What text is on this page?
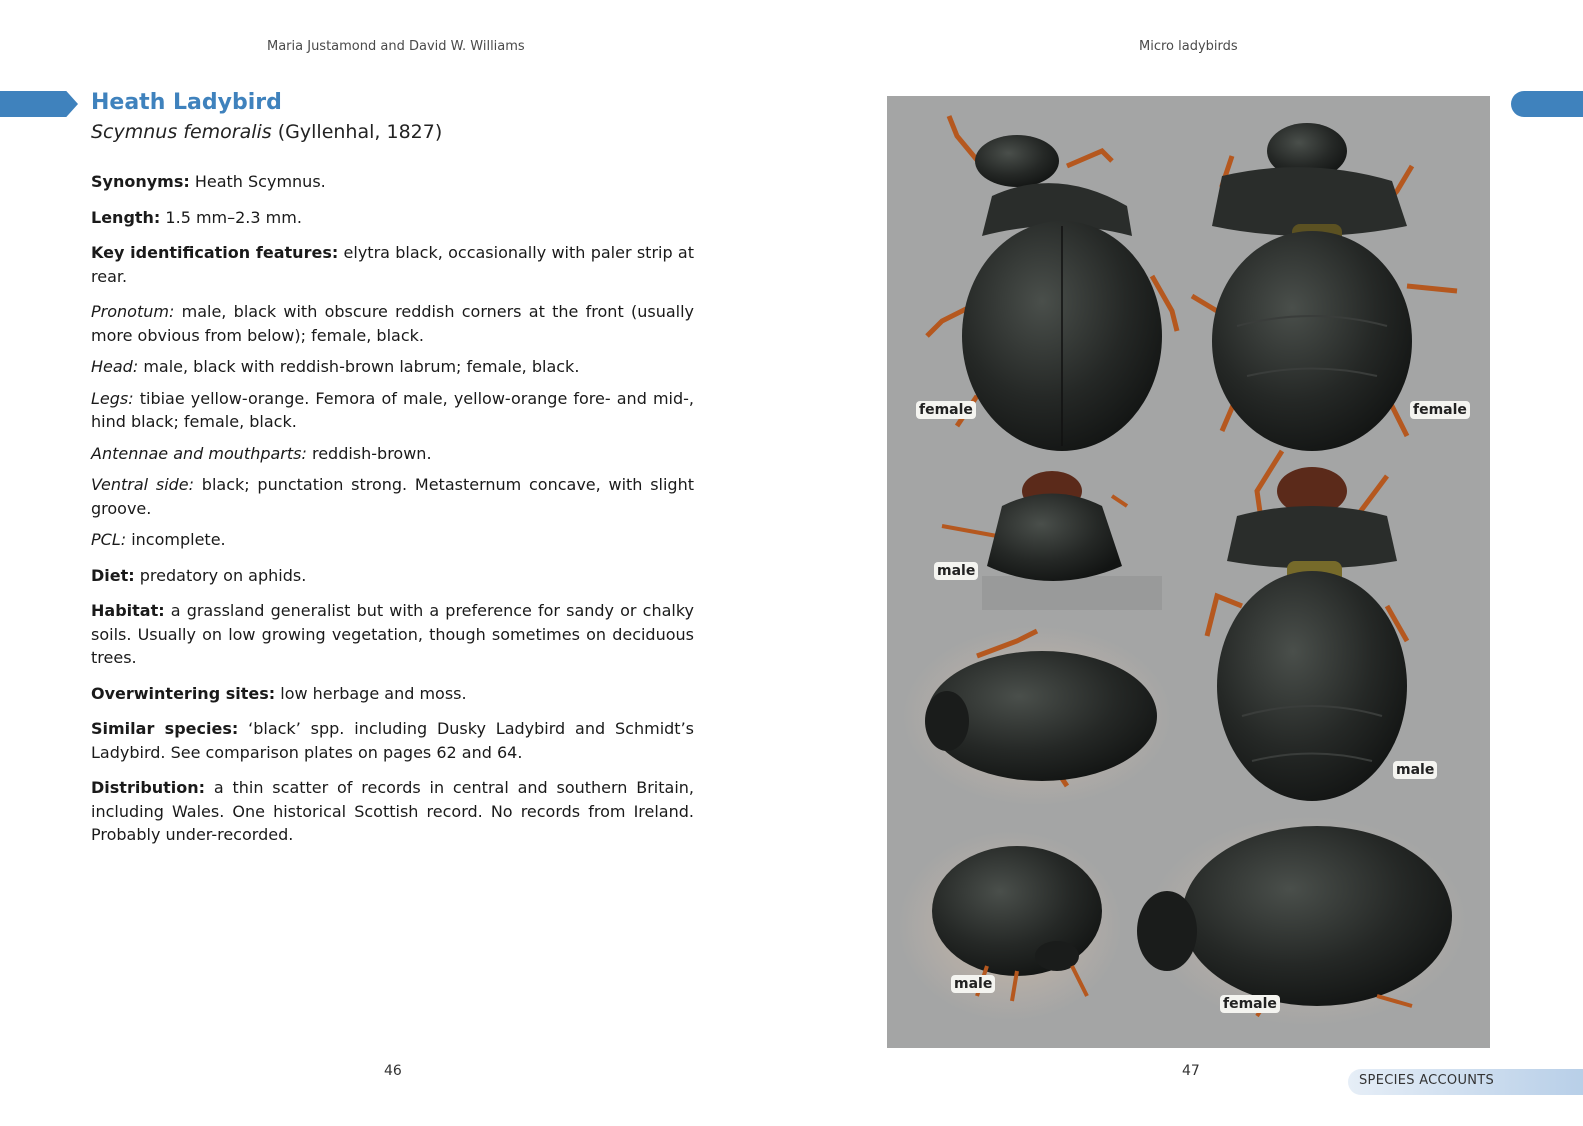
Maria Justamond and David W. Williams	Micro ladybirds
Heath Ladybird
Scymnus femoralis (Gyllenhal, 1827)

Synonyms: Heath Scymnus.

Length: 1.5 mm–2.3 mm.

Key identification features: elytra black, occasionally with paler strip at rear.

Pronotum: male, black with obscure reddish corners at the front (usually more obvious from below); female, black.

Head: male, black with reddish-brown labrum; female, black.

Legs: tibiae yellow-orange. Femora of male, yellow-orange fore- and mid-, hind black; female, black.

Antennae and mouthparts: reddish-brown.

Ventral side: black; punctation strong. Metasternum concave, with slight groove.

PCL: incomplete.

Diet: predatory on aphids.

Habitat: a grassland generalist but with a preference for sandy or chalky soils. Usually on low growing vegetation, though sometimes on deciduous trees.

Overwintering sites: low herbage and moss.

Similar species: ‘black’ spp. including Dusky Ladybird and Schmidt’s Ladybird. See comparison plates on pages 62 and 64.

Distribution: a thin scatter of records in central and southern Britain, including Wales. One historical Scottish record. No records from Ireland. Probably under-recorded.

female	female
male
male
male
female
46	47
SPECIES ACCOUNTS
